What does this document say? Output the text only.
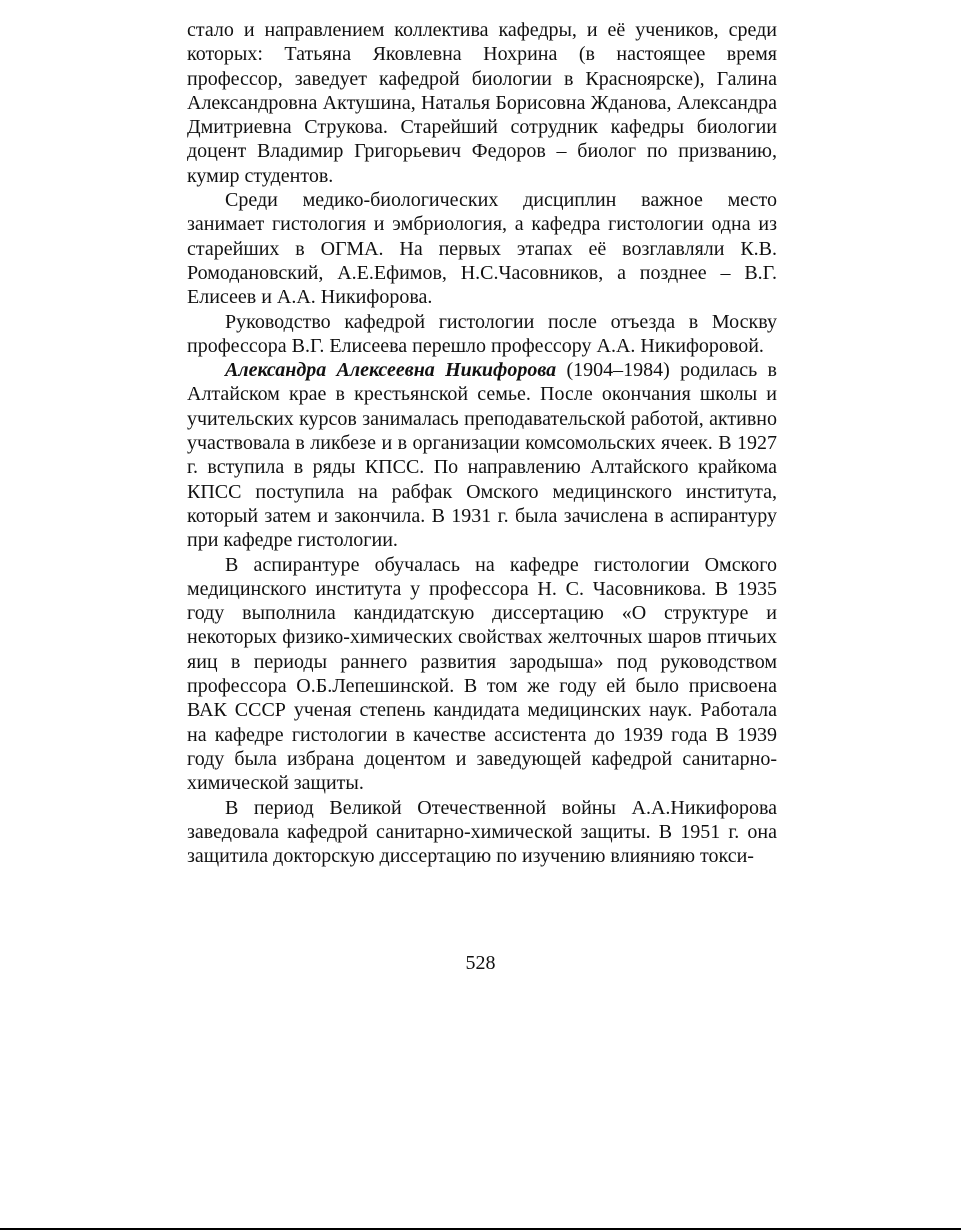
стало и направлением коллектива кафедры, и её учеников, среди которых: Татьяна Яковлевна Нохрина (в настоящее время профессор, заведует кафедрой биологии в Красноярске), Галина Александровна Актушина, Наталья Борисовна Жданова, Александра Дмитриевна Струкова. Старейший сотрудник кафедры биологии доцент Владимир Григорьевич Федоров – биолог по призванию, кумир студентов.

Среди медико-биологических дисциплин важное место занимает гистология и эмбриология, а кафедра гистологии одна из старейших в ОГМА. На первых этапах её возглавляли К.В. Ромодановский, А.Е.Ефимов, Н.С.Часовников, а позднее – В.Г. Елисеев и А.А. Никифорова.

Руководство кафедрой гистологии после отъезда в Москву профессора В.Г. Елисеева перешло профессору А.А. Никифоровой.

Александра Алексеевна Никифорова (1904–1984) родилась в Алтайском крае в крестьянской семье. После окончания школы и учительских курсов занималась преподавательской работой, активно участвовала в ликбезе и в организации комсомольских ячеек. В 1927 г. вступила в ряды КПСС. По направлению Алтайского крайкома КПСС поступила на рабфак Омского медицинского института, который затем и закончила. В 1931 г. была зачислена в аспирантуру при кафедре гистологии.

В аспирантуре обучалась на кафедре гистологии Омского медицинского института у профессора Н. С. Часовникова. В 1935 году выполнила кандидатскую диссертацию «О структуре и некоторых физико-химических свойствах желточных шаров птичьих яиц в периоды раннего развития зародыша» под руководством профессора О.Б.Лепешинской. В том же году ей было присвоена ВАК СССР ученая степень кандидата медицинских наук. Работала на кафедре гистологии в качестве ассистента до 1939 года В 1939 году была избрана доцентом и заведующей кафедрой санитарно-химической защиты.

В период Великой Отечественной войны А.А.Никифорова заведовала кафедрой санитарно-химической защиты. В 1951 г. она защитила докторскую диссертацию по изучению влиянияю токси-

528
